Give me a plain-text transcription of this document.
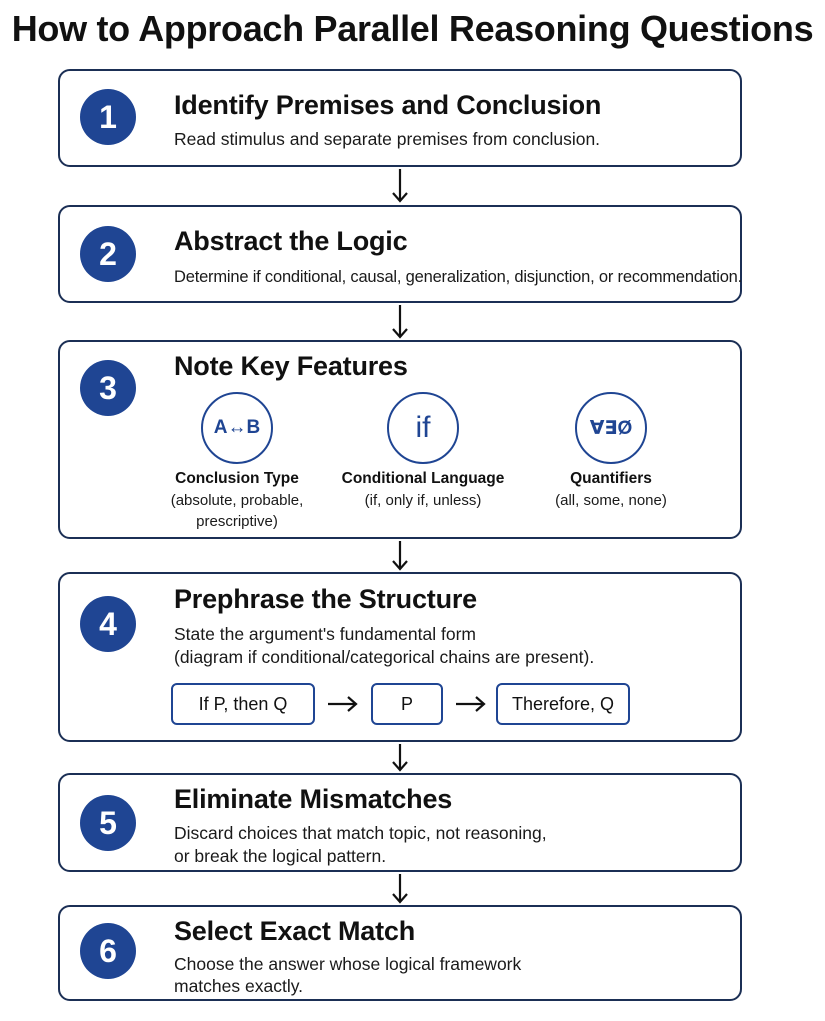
How to Approach Parallel Reasoning Questions
1	Identify Premises and Conclusion
Read stimulus and separate premises from conclusion.
2	Abstract the Logic
Determine if conditional, causal, generalization, disjunction, or recommendation.
3
Note Key Features
A↔B
Conclusion Type
(absolute, probable,
prescriptive)
if
Conditional Language
(if, only if, unless)
∀∃Ø
Quantifiers
(all, some, none)
4
Prephrase the Structure
State the argument's fundamental form
(diagram if conditional/categorical chains are present).
If P, then Q	P	Therefore, Q
5
Eliminate Mismatches
Discard choices that match topic, not reasoning,
or break the logical pattern.
6
Select Exact Match
Choose the answer whose logical framework
matches exactly.
